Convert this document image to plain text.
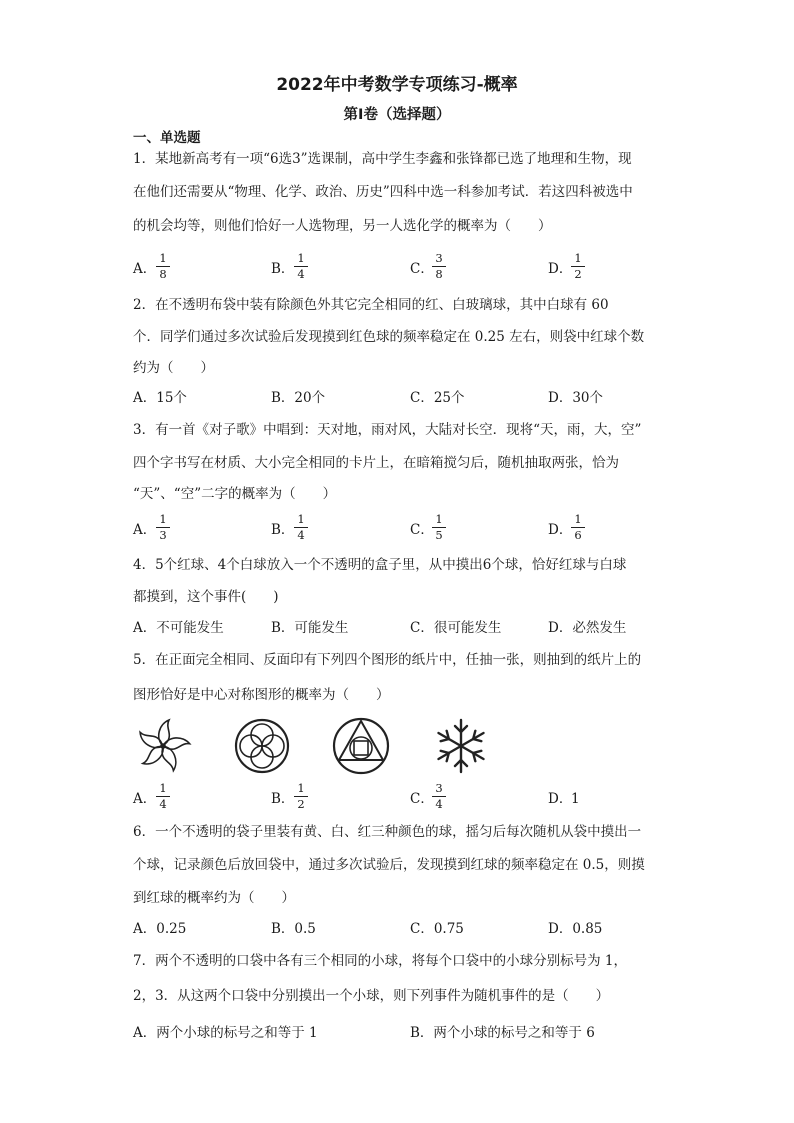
2022年中考数学专项练习-概率
第I卷（选择题）
一、单选题
1．某地新高考有一项“6选3”选课制，高中学生李鑫和张锋都已选了地理和生物，现
在他们还需要从“物理、化学、政治、历史”四科中选一科参加考试．若这四科被选中
的机会均等，则他们恰好一人选物理，另一人选化学的概率为（　　）
A． $\frac{1}{8}$	B． $\frac{1}{4}$	C．
$\frac{3}{8}$	D．
$\frac{1}{2}$
2．在不透明布袋中装有除颜色外其它完全相同的红、白玻璃球，其中白球有 60
个．同学们通过多次试验后发现摸到红色球的频率稳定在 0.25 左右，则袋中红球个数
约为（　　）
A．15个	B．20个	C．25个	D．30个
3．有一首《对子歌》中唱到：天对地，雨对风，大陆对长空．现将“天，雨，大，空”
四个字书写在材质、大小完全相同的卡片上，在暗箱搅匀后，随机抽取两张，恰为
“天”、“空”二字的概率为（　　）
A． $\frac{1}{3}$	B． $\frac{1}{4}$	C．
$\frac{1}{5}$	D．
$\frac{1}{6}$
4．5个红球、4个白球放入一个不透明的盒子里，从中摸出6个球，恰好红球与白球
都摸到，这个事件(　　)
A．不可能发生	B．可能发生	C．很可能发生	D．必然发生
5．在正面完全相同、反面印有下列四个图形的纸片中，任抽一张，则抽到的纸片上的
图形恰好是中心对称图形的概率为（　　）
A． $\frac{1}{4}$	B． $\frac{1}{2}$	C．
$\frac{3}{4}$	D．
1
6．一个不透明的袋子里装有黄、白、红三种颜色的球，摇匀后每次随机从袋中摸出一
个球，记录颜色后放回袋中，通过多次试验后，发现摸到红球的频率稳定在 0.5，则摸
到红球的概率约为（　　）
A．0.25	B．0.5	C．0.75	D．0.85
7．两个不透明的口袋中各有三个相同的小球，将每个口袋中的小球分别标号为 1，
2，3．从这两个口袋中分别摸出一个小球，则下列事件为随机事件的是（　　）
A．两个小球的标号之和等于 1	B．两个小球的标号之和等于 6
